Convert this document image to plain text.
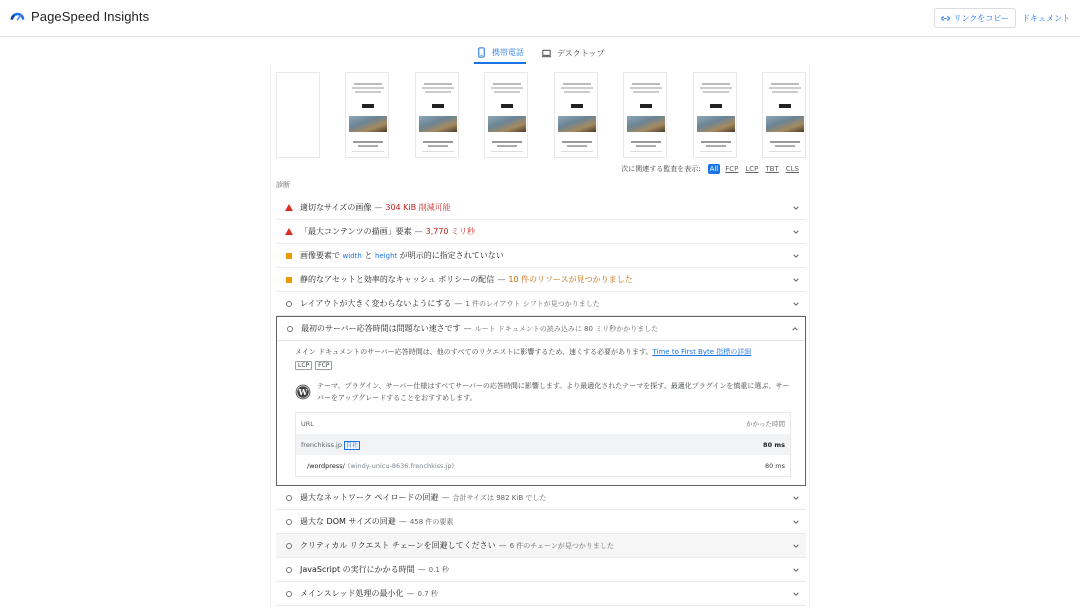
PageSpeed Insights	リンクをコピー ドキュメント
携帯電話	デスクトップ
次に関連する監査を表示: All FCP LCP TBT CLS
診断
適切なサイズの画像 — 304 KiB 削減可能
「最大コンテンツの描画」要素 — 3,770 ミリ秒
画像要素で width と height が明示的に指定されていない
静的なアセットと効率的なキャッシュ ポリシーの配信 — 10 件のリソースが見つかりました
レイアウトが大きく変わらないようにする — 1 件のレイアウト シフトが見つかりました
最初のサーバー応答時間は問題ない速さです — ルート ドキュメントの読み込みに 80 ミリ秒かかりました
メイン ドキュメントのサーバー応答時間は、他のすべてのリクエストに影響するため、速くする必要があります。Time to First Byte 指標の詳細
LCP	FCP
W
テーマ、プラグイン、サーバー仕様はすべてサーバーの応答時間に影響します。より最適化されたテーマを探す、最適化プラグインを慎重に選ぶ、サーバーをアップグレードすることをおすすめします。
URL	かかった時間
frenchkiss.jp 自社	80 ms
/wordpress/ (windy-unicu-8636.frenchkiss.jp)	80 ms
過大なネットワーク ペイロードの回避 — 合計サイズは 982 KiB でした
過大な DOM サイズの回避 — 458 件の要素
クリティカル リクエスト チェーンを回避してください — 6 件のチェーンが見つかりました
JavaScript の実行にかかる時間 — 0.1 秒
メインスレッド処理の最小化 — 0.7 秒
